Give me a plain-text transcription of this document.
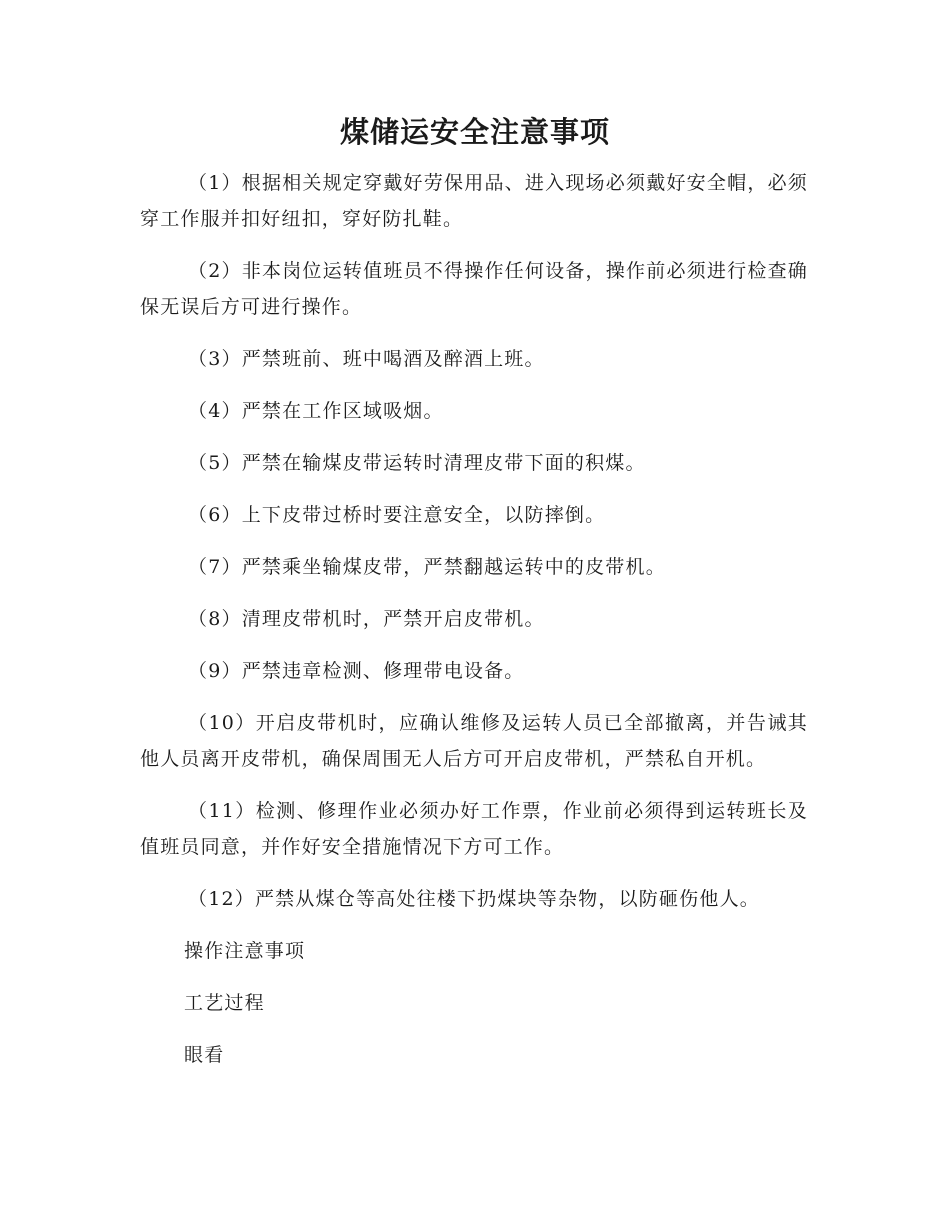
煤储运安全注意事项

（1）根据相关规定穿戴好劳保用品、进入现场必须戴好安全帽，必须穿工作服并扣好纽扣，穿好防扎鞋。

（2）非本岗位运转值班员不得操作任何设备，操作前必须进行检查确保无误后方可进行操作。

（3）严禁班前、班中喝酒及醉酒上班。

（4）严禁在工作区域吸烟。

（5）严禁在输煤皮带运转时清理皮带下面的积煤。

（6）上下皮带过桥时要注意安全，以防摔倒。

（7）严禁乘坐输煤皮带，严禁翻越运转中的皮带机。

（8）清理皮带机时，严禁开启皮带机。

（9）严禁违章检测、修理带电设备。

（10）开启皮带机时，应确认维修及运转人员已全部撤离，并告诫其他人员离开皮带机，确保周围无人后方可开启皮带机，严禁私自开机。

（11）检测、修理作业必须办好工作票，作业前必须得到运转班长及值班员同意，并作好安全措施情况下方可工作。

（12）严禁从煤仓等高处往楼下扔煤块等杂物，以防砸伤他人。

操作注意事项

工艺过程

眼看
